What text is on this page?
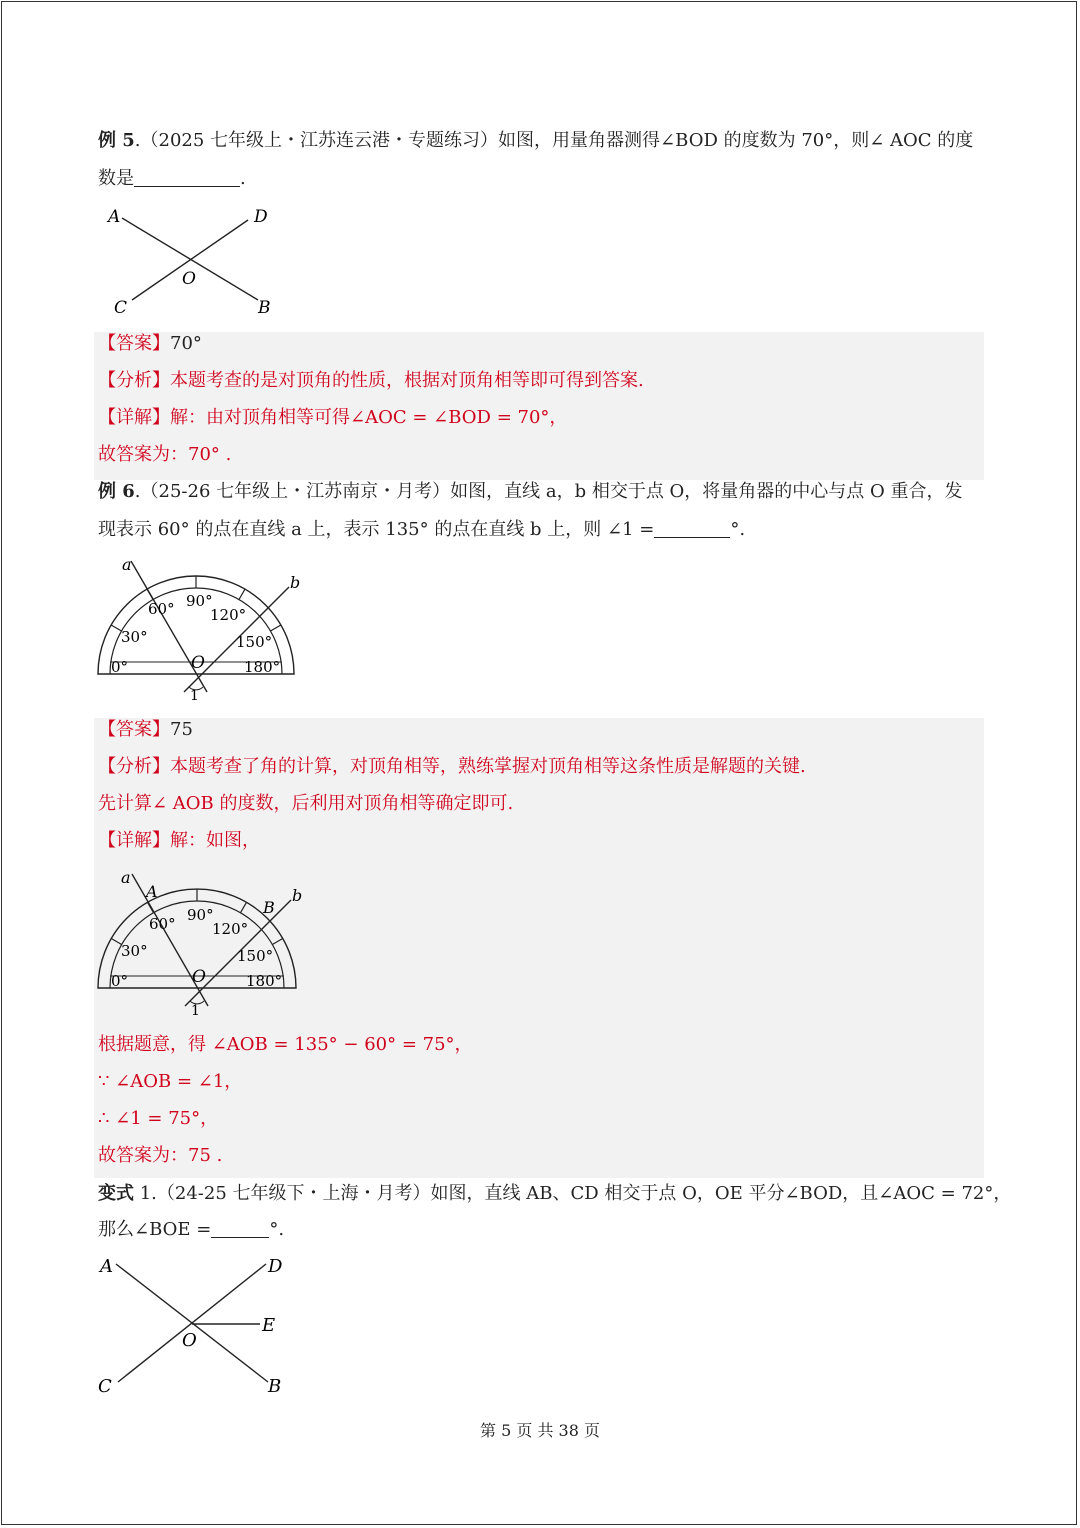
例 5.（2025 七年级上・江苏连云港・专题练习）如图，用量角器测得∠BOD 的度数为 70°，则∠ AOC 的度
数是	.
A	D
O
C	B
【答案】70°
【分析】本题考查的是对顶角的性质，根据对顶角相等即可得到答案.
【详解】解：由对顶角相等可得∠AOC = ∠BOD = 70°，
故答案为：70° .
例 6.（25-26 七年级上・江苏南京・月考）如图，直线 a，b 相交于点 O，将量角器的中心与点 O 重合，发
现表示 60° 的点在直线 a 上，表示 135° 的点在直线 b 上，则 ∠1 =	°.
a
b
O
1
0°
30°
60° 90°
120°
150°
180°
【答案】75
【分析】本题考查了角的计算，对顶角相等，熟练掌握对顶角相等这条性质是解题的关键.
先计算∠ AOB 的度数，后利用对顶角相等确定即可.
【详解】解：如图，
a
A	b
B
O
1
0°
30°
60° 90°
120°
150°
180°
根据题意，得 ∠AOB = 135° − 60° = 75°，
∵ ∠AOB = ∠1，
∴ ∠1 = 75°，
故答案为：75 .
变式 1.（24-25 七年级下・上海・月考）如图，直线 AB、CD 相交于点 O，OE 平分∠BOD，且∠AOC = 72°，
那么∠BOE =	°.
A	D
E
O
C	B
第 5 页 共 38 页
